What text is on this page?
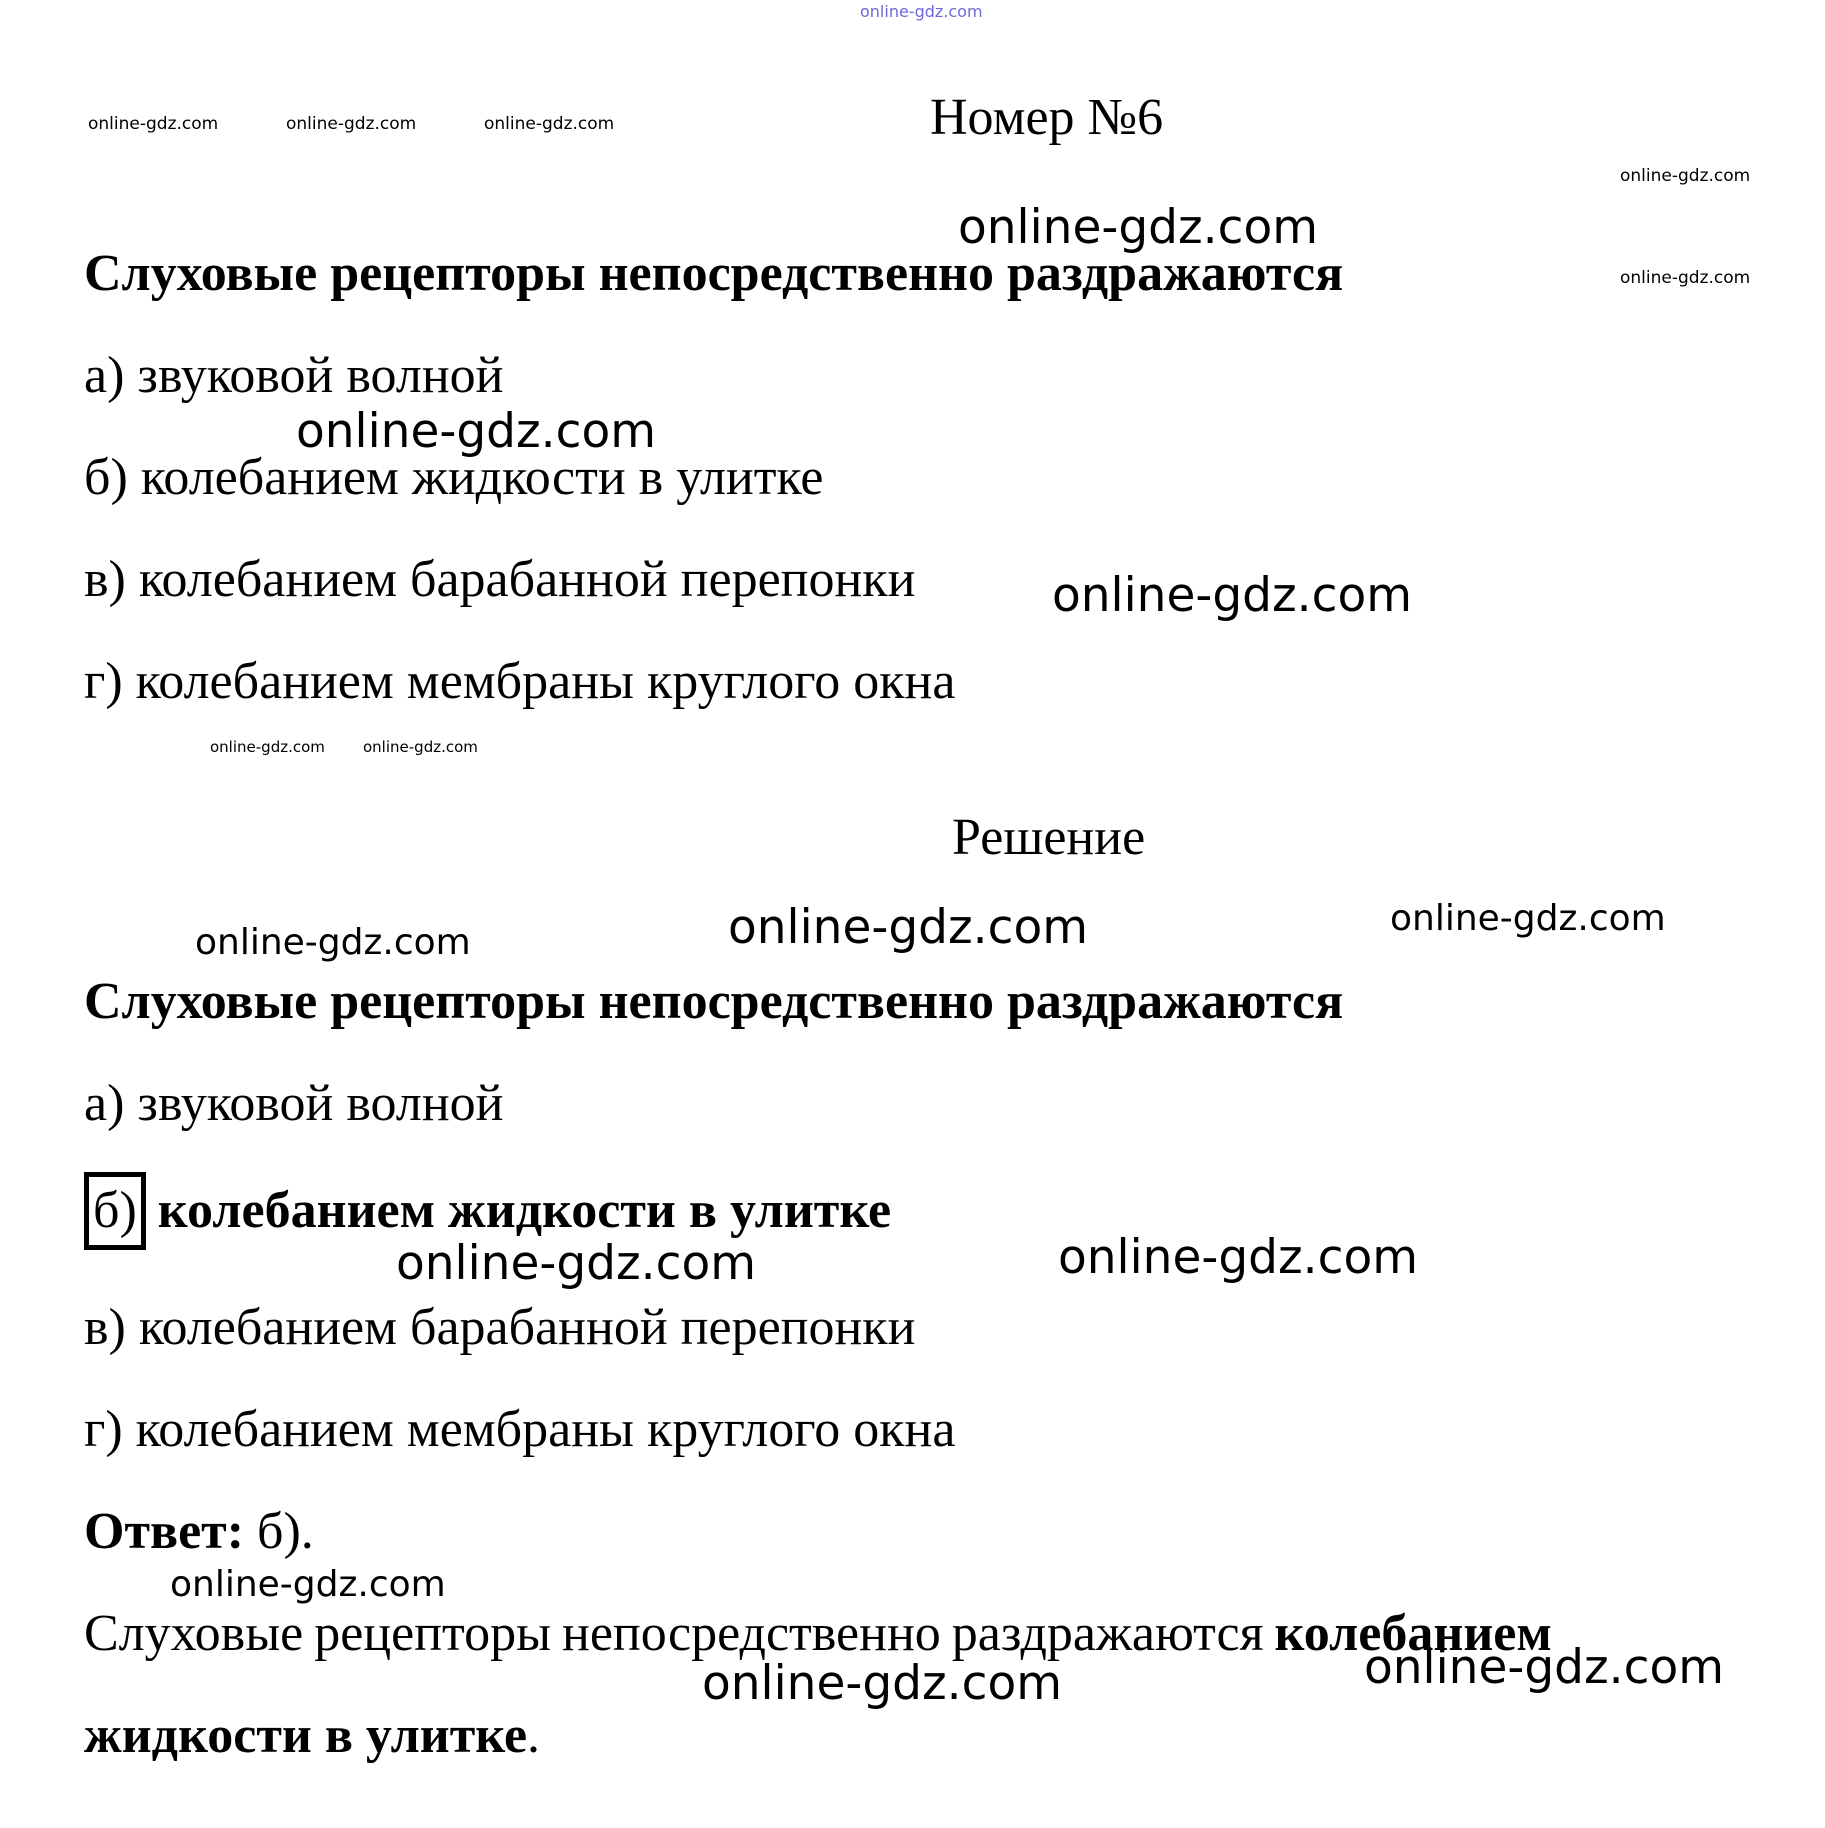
online-gdz.com
online-gdz.com	online-gdz.com	online-gdz.com
online-gdz.com
online-gdz.com
online-gdz.com
online-gdz.com
online-gdz.com
online-gdz.com	online-gdz.com
online-gdz.com	online-gdz.com
online-gdz.com
online-gdz.com	online-gdz.com
online-gdz.com
online-gdz.com	online-gdz.com
Номер №6
Слуховые рецепторы непосредственно раздражаются
а) звуковой волной
б) колебанием жидкости в улитке
в) колебанием барабанной перепонки
г) колебанием мембраны круглого окна
Решение
Слуховые рецепторы непосредственно раздражаются
а) звуковой волной
б) колебанием жидкости в улитке
в) колебанием барабанной перепонки
г) колебанием мембраны круглого окна
Ответ: б).
Слуховые рецепторы непосредственно раздражаются колебанием
жидкости в улитке.
